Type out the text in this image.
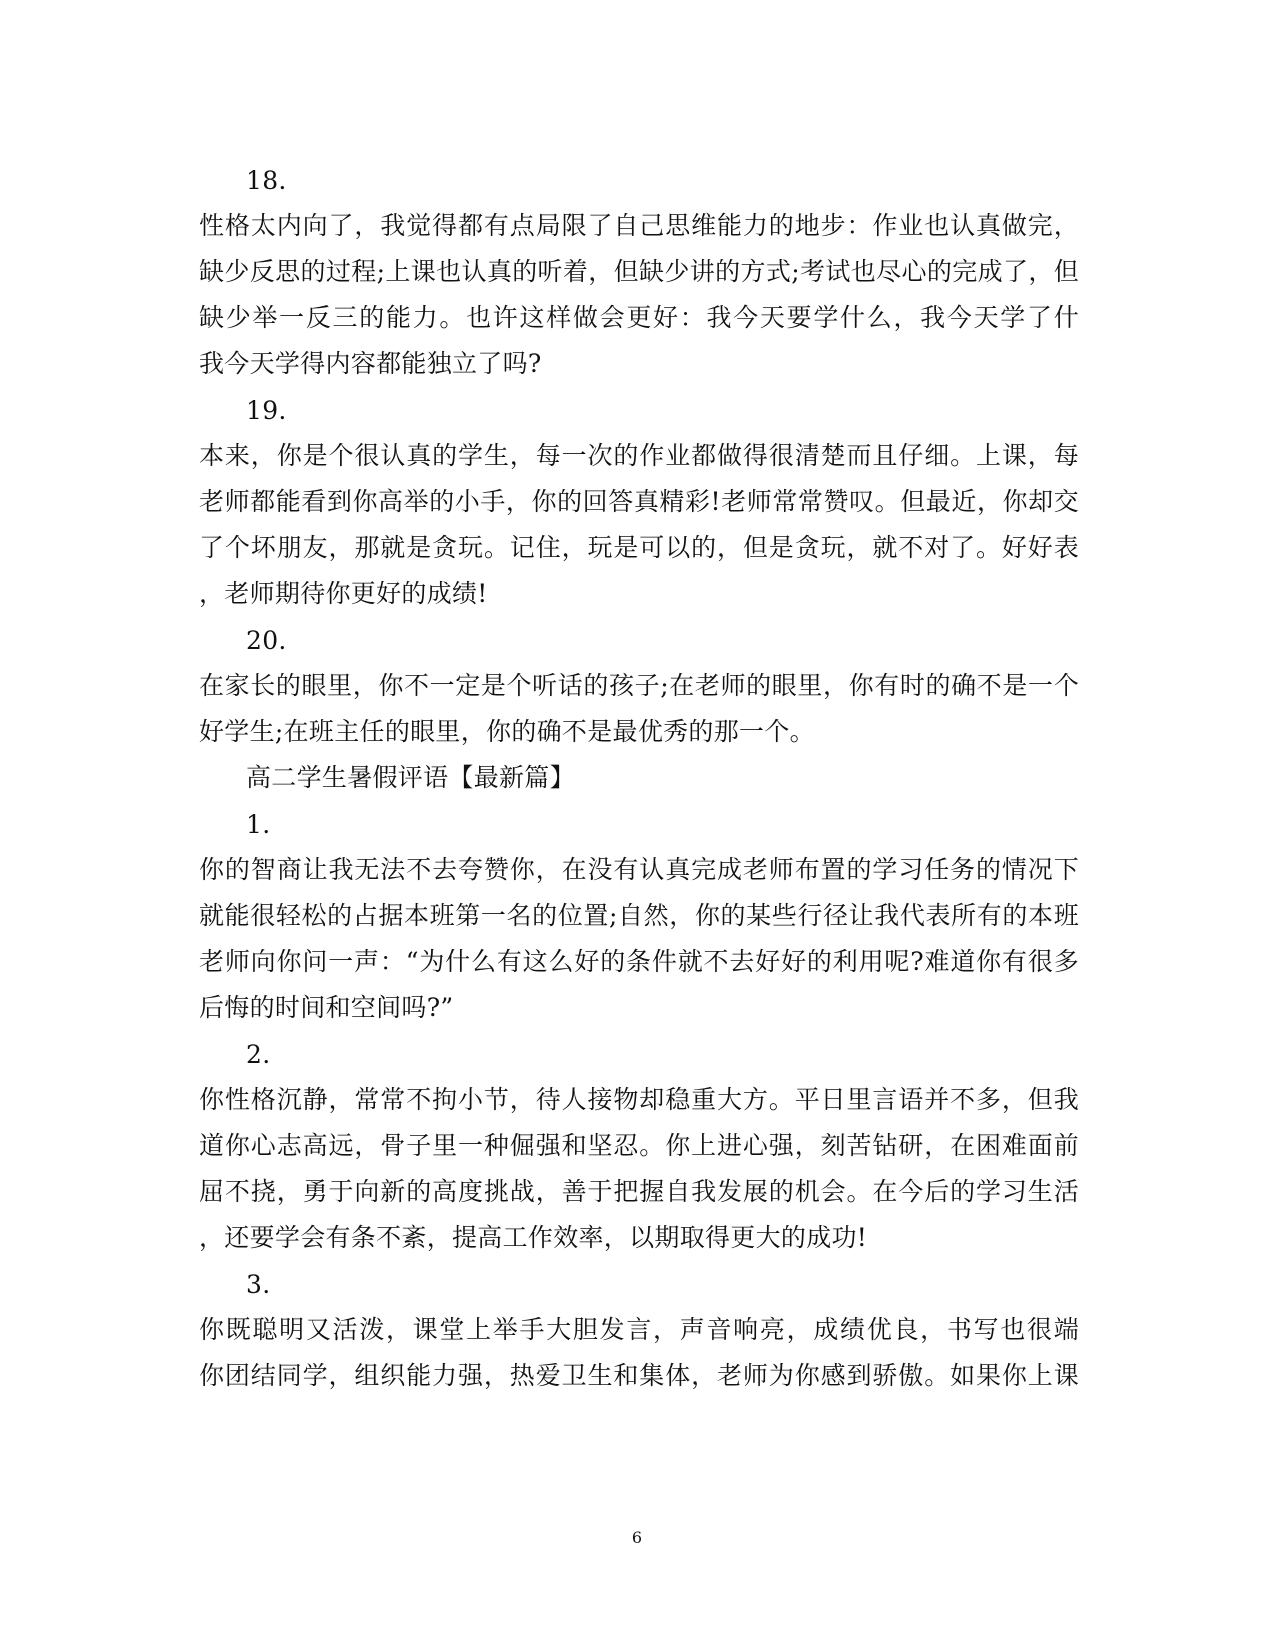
18.
性格太内向了，我觉得都有点局限了自己思维能力的地步：作业也认真做完，
缺少反思的过程;上课也认真的听着，但缺少讲的方式;考试也尽心的完成了，但
缺少举一反三的能力。也许这样做会更好：我今天要学什么，我今天学了什
我今天学得内容都能独立了吗?
19.
本来，你是个很认真的学生，每一次的作业都做得很清楚而且仔细。上课，每
老师都能看到你高举的小手，你的回答真精彩!老师常常赞叹。但最近，你却交
了个坏朋友，那就是贪玩。记住，玩是可以的，但是贪玩，就不对了。好好表
，老师期待你更好的成绩!
20.
在家长的眼里，你不一定是个听话的孩子;在老师的眼里，你有时的确不是一个
好学生;在班主任的眼里，你的确不是最优秀的那一个。
高二学生暑假评语【最新篇】
1.
你的智商让我无法不去夸赞你，在没有认真完成老师布置的学习任务的情况下
就能很轻松的占据本班第一名的位置;自然，你的某些行径让我代表所有的本班
老师向你问一声：“为什么有这么好的条件就不去好好的利用呢?难道你有很多
后悔的时间和空间吗?”
2.
你性格沉静，常常不拘小节，待人接物却稳重大方。平日里言语并不多，但我
道你心志高远，骨子里一种倔强和坚忍。你上进心强，刻苦钻研，在困难面前
屈不挠，勇于向新的高度挑战，善于把握自我发展的机会。在今后的学习生活
，还要学会有条不紊，提高工作效率，以期取得更大的成功!
3.
你既聪明又活泼，课堂上举手大胆发言，声音响亮，成绩优良，书写也很端
你团结同学，组织能力强，热爱卫生和集体，老师为你感到骄傲。如果你上课
6
